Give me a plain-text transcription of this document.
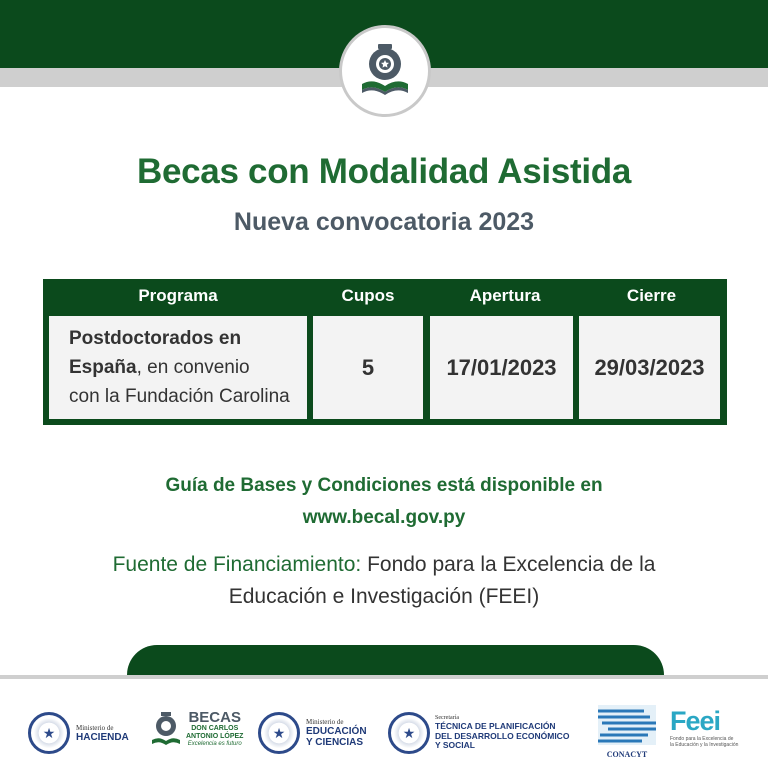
Becas con Modalidad Asistida
Nueva convocatoria 2023
Programa	Cupos	Apertura	Cierre
Postdoctorados en España, en convenio
con la Fundación Carolina
5	17/01/2023	29/03/2023
Guía de Bases y Condiciones está disponible en
www.becal.gov.py
Fuente de Financiamiento: Fondo para la Excelencia de la
Educación e Investigación (FEEI)
★
Ministerio de
HACIENDA
BECAS
DON CARLOS
ANTONIO LÓPEZ
Excelencia es futuro
★
Ministerio de
EDUCACIÓN
Y CIENCIAS
★
Secretaría
TÉCNICA DE PLANIFICACIÓN
DEL DESARROLLO ECONÓMICO
Y SOCIAL
CONACYT
Feei
Fondo para la Excelencia de
la Educación y la Investigación
